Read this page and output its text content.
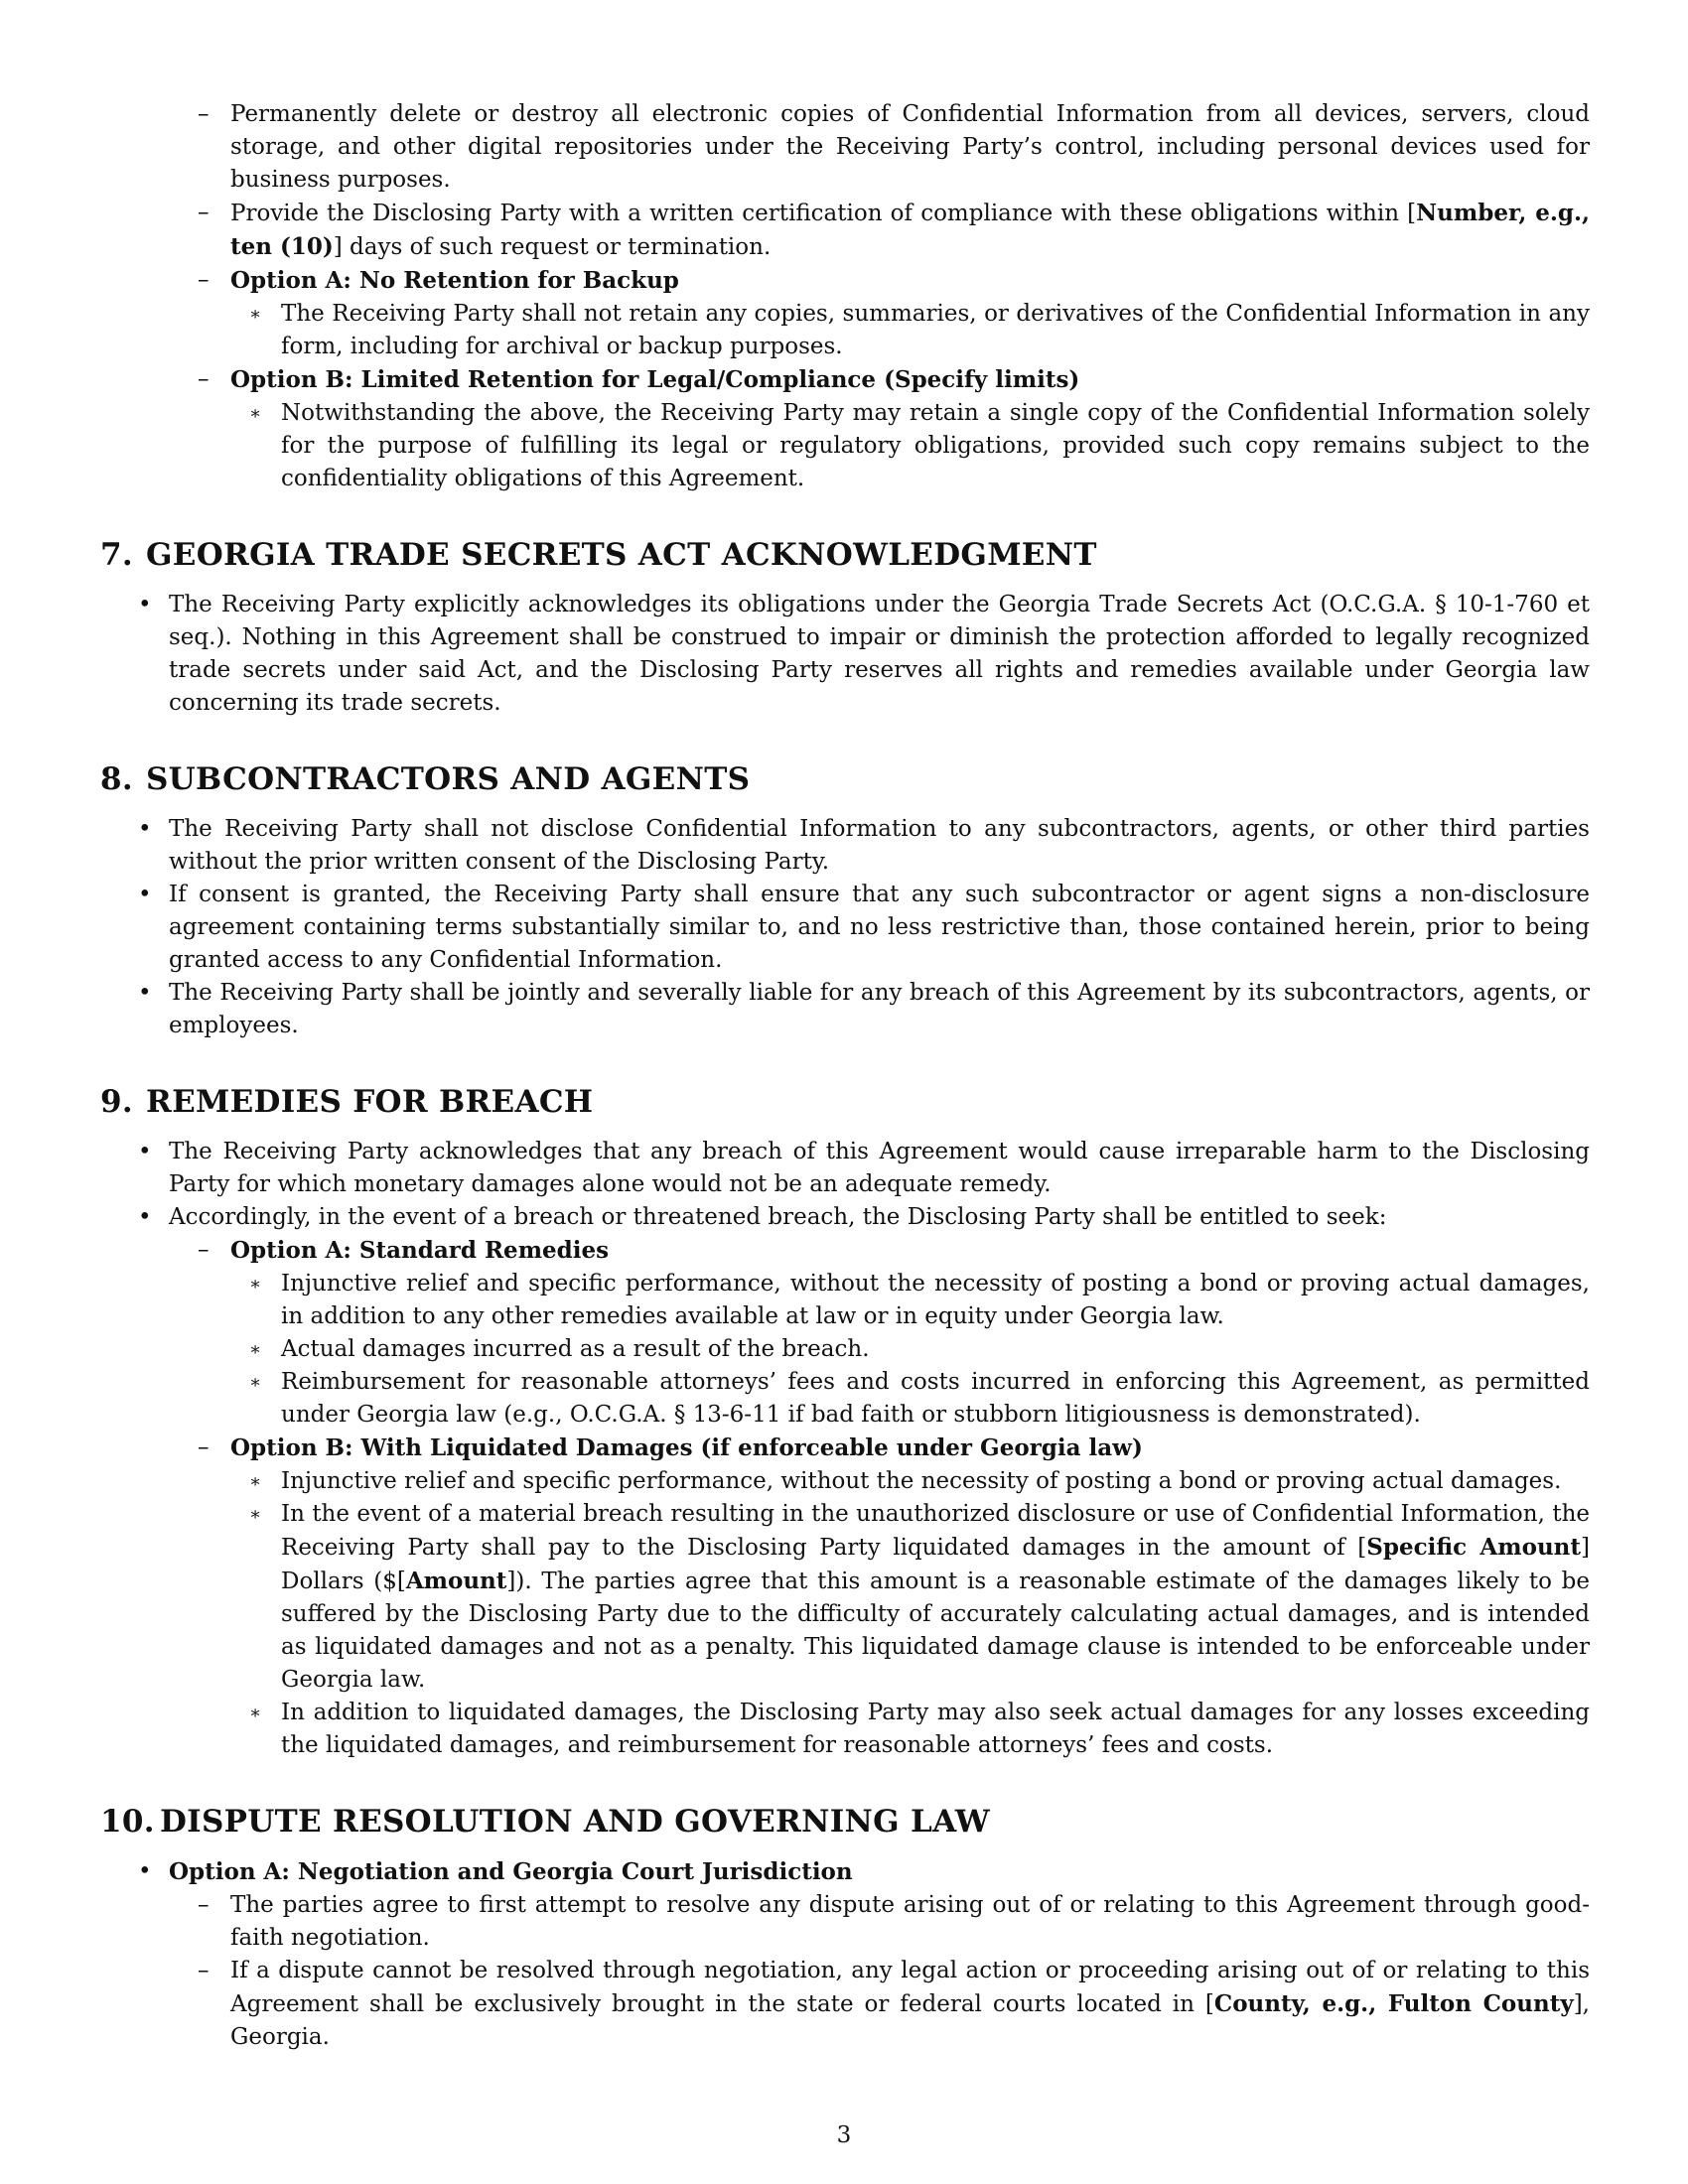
– Permanently delete or destroy all electronic copies of Confidential Information from all devices, servers, cloud storage, and other digital repositories under the Receiving Party’s control, including personal devices used for business purposes.

– Provide the Disclosing Party with a written certification of compliance with these obligations within [Number, e.g., ten (10)] days of such request or termination.

– Option A: No Retention for Backup

∗ The Receiving Party shall not retain any copies, summaries, or derivatives of the Confidential Information in any form, including for archival or backup purposes.

– Option B: Limited Retention for Legal/Compliance (Specify limits)

∗ Notwithstanding the above, the Receiving Party may retain a single copy of the Confidential Information solely for the purpose of fulfilling its legal or regulatory obligations, provided such copy remains subject to the confidentiality obligations of this Agreement.

7. GEORGIA TRADE SECRETS ACT ACKNOWLEDGMENT
• The Receiving Party explicitly acknowledges its obligations under the Georgia Trade Secrets Act (O.C.G.A. § 10-1-760 et seq.). Nothing in this Agreement shall be construed to impair or diminish the protection afforded to legally recognized trade secrets under said Act, and the Disclosing Party reserves all rights and remedies available under Georgia law concerning its trade secrets.

8. SUBCONTRACTORS AND AGENTS
• The Receiving Party shall not disclose Confidential Information to any subcontractors, agents, or other third parties without the prior written consent of the Disclosing Party.

• If consent is granted, the Receiving Party shall ensure that any such subcontractor or agent signs a non-disclosure agreement containing terms substantially similar to, and no less restrictive than, those contained herein, prior to being granted access to any Confidential Information.

• The Receiving Party shall be jointly and severally liable for any breach of this Agreement by its subcontractors, agents, or employees.

9. REMEDIES FOR BREACH
• The Receiving Party acknowledges that any breach of this Agreement would cause irreparable harm to the Disclosing Party for which monetary damages alone would not be an adequate remedy.

• Accordingly, in the event of a breach or threatened breach, the Disclosing Party shall be entitled to seek:

– Option A: Standard Remedies

∗ Injunctive relief and specific performance, without the necessity of posting a bond or proving actual damages, in addition to any other remedies available at law or in equity under Georgia law.

∗ Actual damages incurred as a result of the breach.

∗ Reimbursement for reasonable attorneys’ fees and costs incurred in enforcing this Agreement, as permitted under Georgia law (e.g., O.C.G.A. § 13-6-11 if bad faith or stubborn litigiousness is demonstrated).

– Option B: With Liquidated Damages (if enforceable under Georgia law)

∗ Injunctive relief and specific performance, without the necessity of posting a bond or proving actual damages.

∗ In the event of a material breach resulting in the unauthorized disclosure or use of Confidential Information, the Receiving Party shall pay to the Disclosing Party liquidated damages in the amount of [Specific Amount] Dollars ($[Amount]). The parties agree that this amount is a reasonable estimate of the damages likely to be suffered by the Disclosing Party due to the difficulty of accurately calculating actual damages, and is intended as liquidated damages and not as a penalty. This liquidated damage clause is intended to be enforceable under Georgia law.

∗ In addition to liquidated damages, the Disclosing Party may also seek actual damages for any losses exceeding the liquidated damages, and reimbursement for reasonable attorneys’ fees and costs.

10. DISPUTE RESOLUTION AND GOVERNING LAW
• Option A: Negotiation and Georgia Court Jurisdiction

– The parties agree to first attempt to resolve any dispute arising out of or relating to this Agreement through good-faith negotiation.

– If a dispute cannot be resolved through negotiation, any legal action or proceeding arising out of or relating to this Agreement shall be exclusively brought in the state or federal courts located in [County, e.g., Fulton County], Georgia.

3
